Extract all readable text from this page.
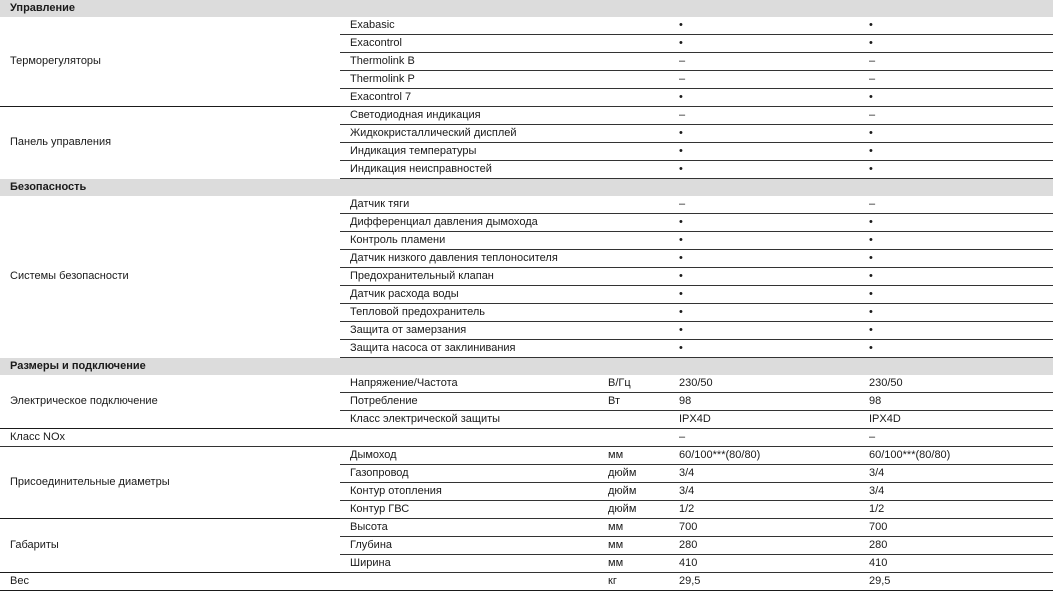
Управление				
Терморегуляторы	Exabasic		•	•
	Exacontrol		•	•
	Thermolink B		–	–
	Thermolink P		–	–
	Exacontrol 7		•	•
Панель управления	Светодиодная индикация		–	–
	Жидкокристаллический дисплей		•	•
	Индикация температуры		•	•
	Индикация неисправностей		•	•
Безопасность				
Системы безопасности	Датчик тяги		–	–
	Дифференциал давления дымохода		•	•
	Контроль пламени		•	•
	Датчик низкого давления теплоносителя		•	•
	Предохранительный клапан		•	•
	Датчик расхода воды		•	•
	Тепловой предохранитель		•	•
	Защита от замерзания		•	•
	Защита насоса от заклинивания		•	•
Размеры и подключение				
Электрическое подключение	Напряжение/Частота	В/Гц	230/50	230/50
	Потребление	Вт	98	98
	Класс электрической защиты		IPX4D	IPX4D
Класс NOx			–	–
Присоединительные диаметры	Дымоход	мм	60/100***(80/80)	60/100***(80/80)
	Газопровод	дюйм	3/4	3/4
	Контур отопления	дюйм	3/4	3/4
	Контур ГВС	дюйм	1/2	1/2
Габариты	Высота	мм	700	700
	Глубина	мм	280	280
	Ширина	мм	410	410
Вес		кг	29,5	29,5
